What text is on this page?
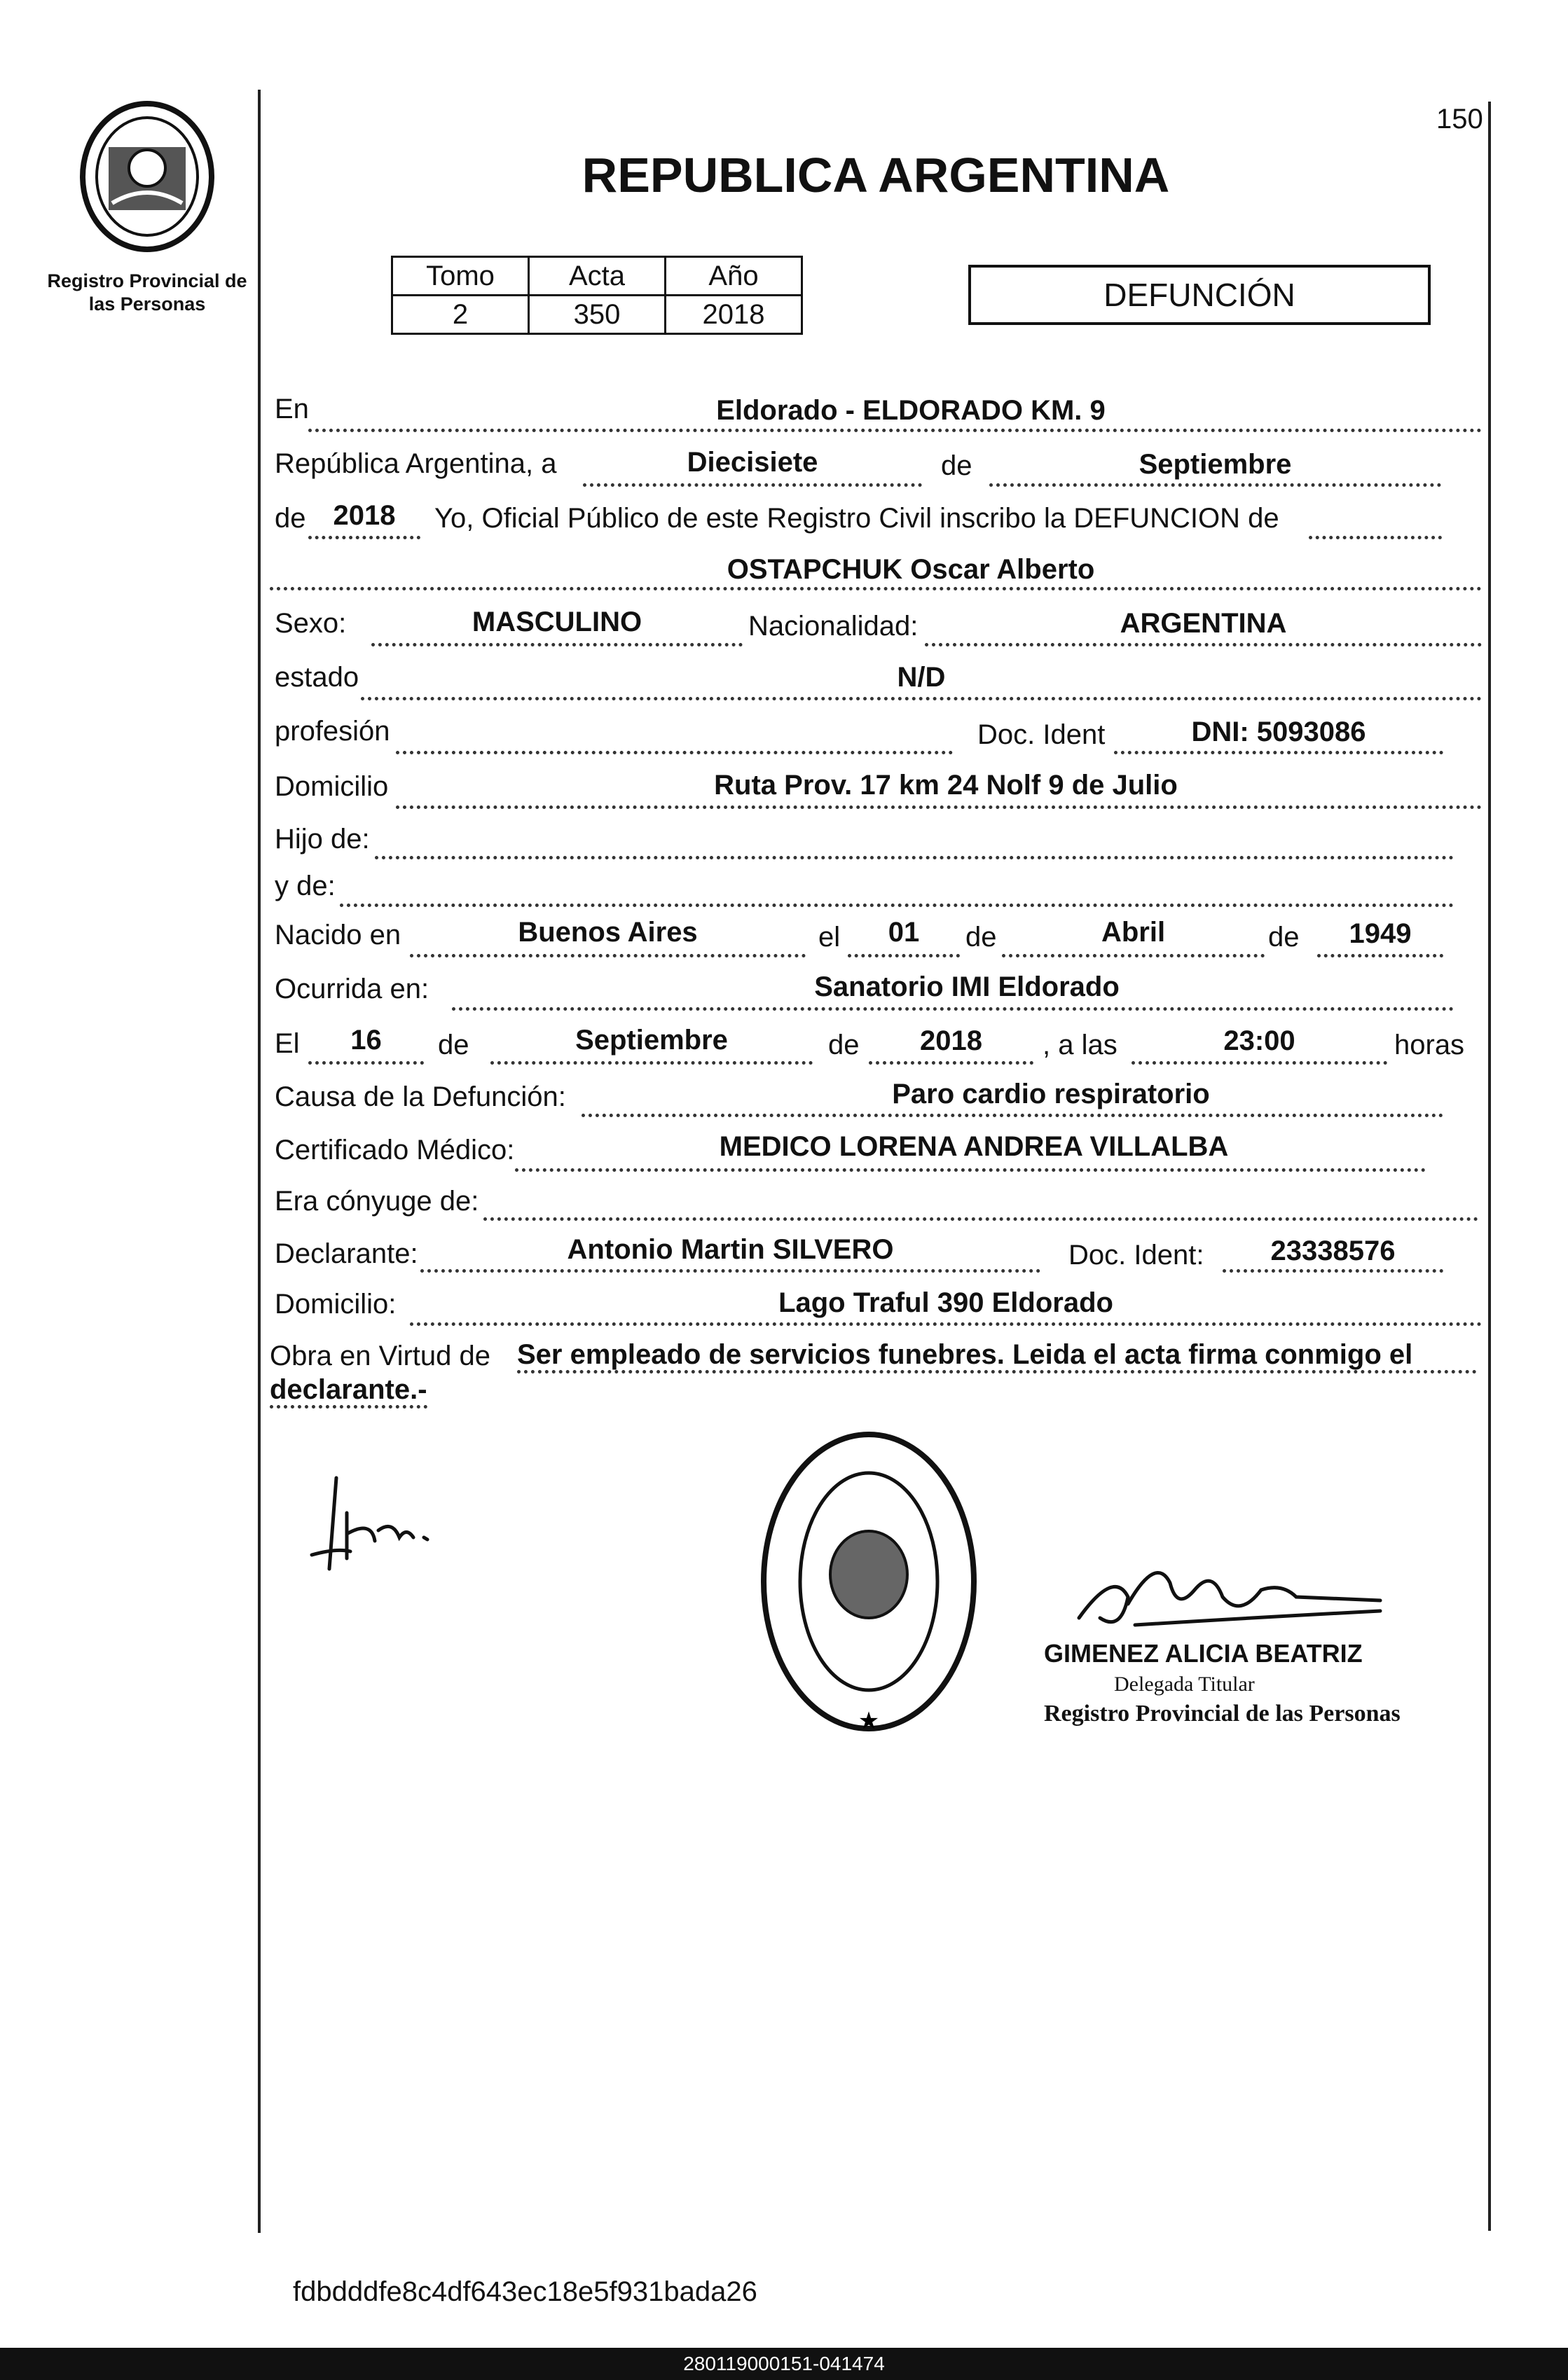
Registro Provincial de las Personas
150
REPUBLICA ARGENTINA
Tomo	Acta	Año
2	350	2018
DEFUNCIÓN
En	Eldorado - ELDORADO KM. 9
República Argentina, a	Diecisiete	de	Septiembre
de 2018	Yo, Oficial Público de este Registro Civil inscribo la DEFUNCION de
OSTAPCHUK Oscar Alberto
Sexo:	MASCULINO	Nacionalidad:	ARGENTINA
estado	N/D
profesión	Doc. Ident	DNI: 5093086
Domicilio	Ruta Prov. 17 km 24 Nolf 9 de Julio
Hijo de:
y de:
Nacido en	Buenos Aires	el	01	de	Abril	de	1949
Ocurrida en:	Sanatorio IMI Eldorado
El	16	de	Septiembre	de	2018	, a las	23:00	horas
Causa de la Defunción:	Paro cardio respiratorio
Certificado Médico:	MEDICO LORENA ANDREA VILLALBA
Era cónyuge de:
Declarante:	Antonio Martin SILVERO	Doc. Ident:	23338576
Domicilio:	Lago Traful 390 Eldorado
Obra en Virtud de Ser empleado de servicios funebres. Leida el acta firma conmigo el
declarante.-
★
GIMENEZ ALICIA BEATRIZ
Delegada Titular
Registro Provincial de las Personas
fdbdddfe8c4df643ec18e5f931bada26
280119000151-041474
